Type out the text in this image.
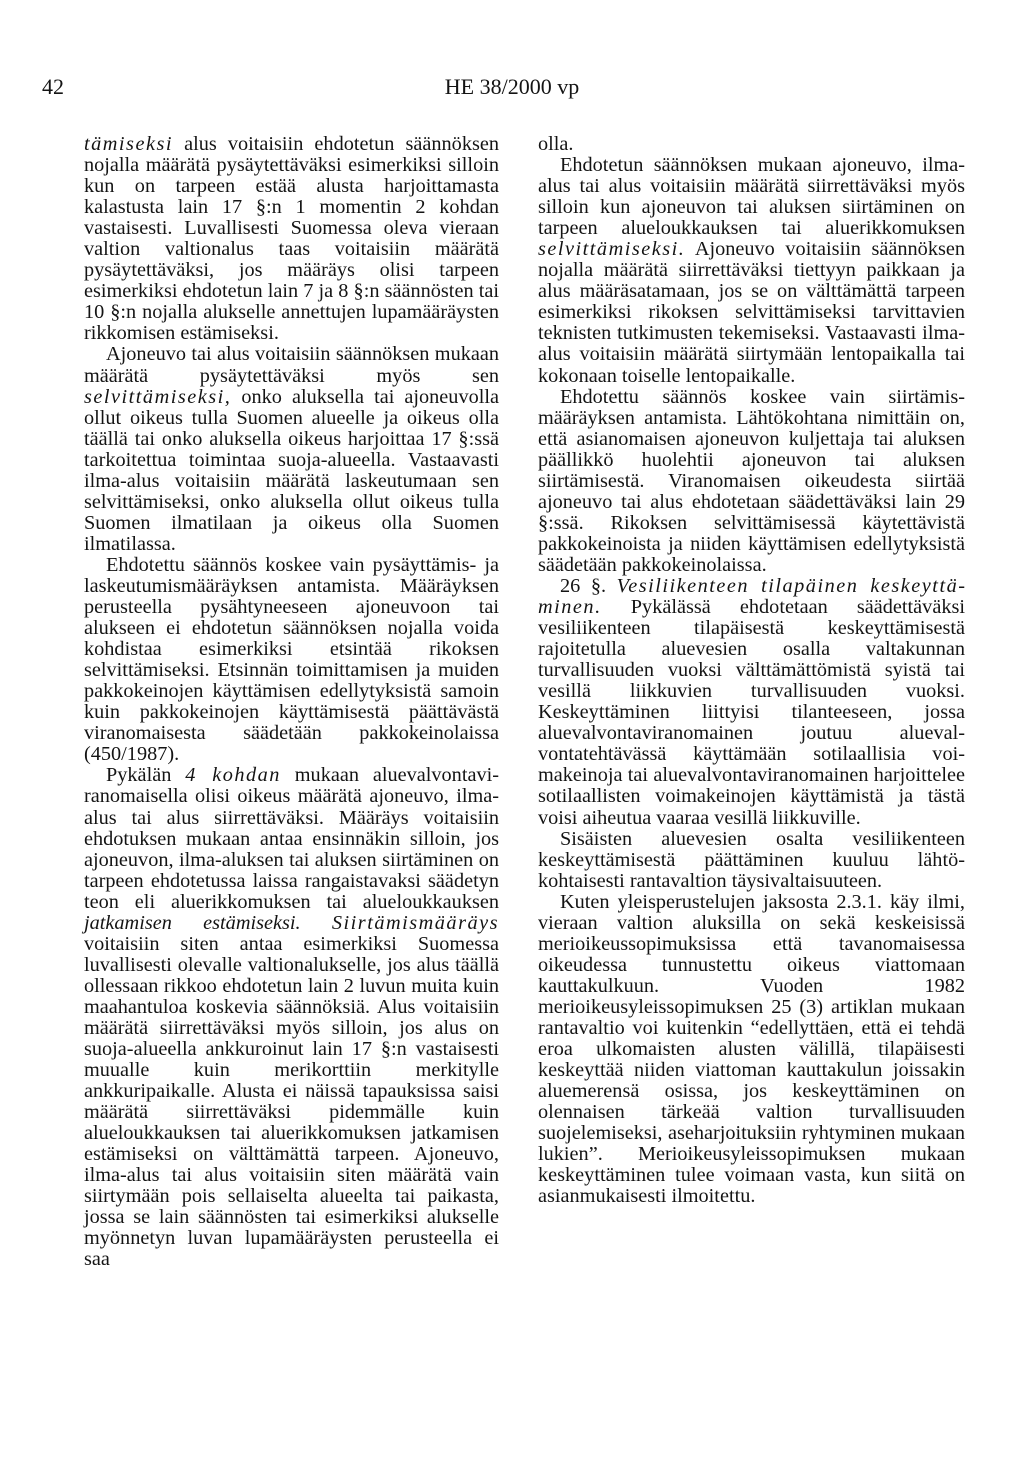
42	HE 38/2000 vp

tämiseksi alus voitaisiin ehdotetun säännöksen nojalla määrätä pysäytettäväksi esimerkiksi silloin kun on tarpeen estää alusta harjoittamasta kalastusta lain 17 §:n 1 momentin 2 kohdan vastaisesti. Luvallisesti Suomessa oleva vieraan valtion valtionalus taas voitaisiin määrätä pysäytettäväksi, jos määräys olisi tarpeen esimerkiksi ehdotetun lain 7 ja 8 §:n säännösten tai 10 §:n nojalla alukselle annettujen lupamääräysten rikkomisen estämiseksi.

Ajoneuvo tai alus voitaisiin säännöksen mukaan määrätä pysäytettäväksi myös sen selvittämiseksi, onko aluksella tai ajoneuvolla ollut oikeus tulla Suomen alueelle ja oikeus olla täällä tai onko aluksella oikeus harjoittaa 17 §:ssä tarkoitettua toimintaa suoja-alueella. Vastaavasti ilma-alus voitaisiin määrätä laskeutumaan sen selvittämiseksi, onko aluksella ollut oikeus tulla Suomen ilmatilaan ja oikeus olla Suomen ilmatilassa.

Ehdotettu säännös koskee vain pysäyttämis- ja laskeutumismääräyksen antamista. Määräyksen perusteella pysähtyneeseen ajoneuvoon tai alukseen ei ehdotetun säännöksen nojalla voida kohdistaa esimerkiksi etsintää rikoksen selvittämiseksi. Etsinnän toimittamisen ja muiden pakkokeinojen käyttämisen edellytyksistä samoin kuin pakkokeinojen käyttämisestä päättävästä viranomaisesta säädetään pakkokeinolaissa (450/1987).

Pykälän 4 kohdan mukaan aluevalvontaviranomaisella olisi oikeus määrätä ajoneuvo, ilma-alus tai alus siirrettäväksi. Määräys voitaisiin ehdotuksen mukaan antaa ensinnäkin silloin, jos ajoneuvon, ilma-aluksen tai aluksen siirtäminen on tarpeen ehdotetussa laissa rangaistavaksi säädetyn teon eli aluerikkomuksen tai alueloukkauksen jatkamisen estämiseksi. Siirtämismääräys voitaisiin siten antaa esimerkiksi Suomessa luvallisesti olevalle valtionalukselle, jos alus täällä ollessaan rikkoo ehdotetun lain 2 luvun muita kuin maahantuloa koskevia säännöksiä. Alus voitaisiin määrätä siirrettäväksi myös silloin, jos alus on suoja-alueella ankkuroinut lain 17 §:n vastaisesti muualle kuin merikorttiin merkitylle ankkuripaikalle. Alusta ei näissä tapauksissa saisi määrätä siirrettäväksi pidemmälle kuin alueloukkauksen tai aluerikkomuksen jatkamisen estämiseksi on välttämättä tarpeen. Ajoneuvo, ilma-alus tai alus voitaisiin siten määrätä vain siirtymään pois sellaiselta alueelta tai paikasta, jossa se lain säännösten tai esimerkiksi alukselle myönnetyn luvan lupamääräysten perusteella ei saa

olla.

Ehdotetun säännöksen mukaan ajoneuvo, ilma-alus tai alus voitaisiin määrätä siirrettäväksi myös silloin kun ajoneuvon tai aluksen siirtäminen on tarpeen alueloukkauksen tai aluerikkomuksen selvittämiseksi. Ajoneuvo voitaisiin säännöksen nojalla määrätä siirrettäväksi tiettyyn paikkaan ja alus määräsatamaan, jos se on välttämättä tarpeen esimerkiksi rikoksen selvittämiseksi tarvittavien teknisten tutkimusten tekemiseksi. Vastaavasti ilma-alus voitaisiin määrätä siirtymään lentopaikalla tai kokonaan toiselle lentopaikalle.

Ehdotettu säännös koskee vain siirtämismääräyksen antamista. Lähtökohtana nimittäin on, että asianomaisen ajoneuvon kuljettaja tai aluksen päällikkö huolehtii ajoneuvon tai aluksen siirtämisestä. Viranomaisen oikeudesta siirtää ajoneuvo tai alus ehdotetaan säädettäväksi lain 29 §:ssä. Rikoksen selvittämisessä käytettävistä pakkokeinoista ja niiden käyttämisen edellytyksistä säädetään pakkokeinolaissa.

26 §. Vesiliikenteen tilapäinen keskeyttäminen. Pykälässä ehdotetaan säädettäväksi vesiliikenteen tilapäisestä keskeyttämisestä rajoitetulla aluevesien osalla valtakunnan turvallisuuden vuoksi välttämättömistä syistä tai vesillä liikkuvien turvallisuuden vuoksi. Keskeyttäminen liittyisi tilanteeseen, jossa aluevalvontaviranomainen joutuu aluevalvontatehtävässä käyttämään sotilaallisia voimakeinoja tai aluevalvontaviranomainen harjoittelee sotilaallisten voimakeinojen käyttämistä ja tästä voisi aiheutua vaaraa vesillä liikkuville.

Sisäisten aluevesien osalta vesiliikenteen keskeyttämisestä päättäminen kuuluu lähtökohtaisesti rantavaltion täysivaltaisuuteen.

Kuten yleisperustelujen jaksosta 2.3.1. käy ilmi, vieraan valtion aluksilla on sekä keskeisissä merioikeussopimuksissa että tavanomaisessa oikeudessa tunnustettu oikeus viattomaan kauttakulkuun. Vuoden 1982 merioikeusyleissopimuksen 25 (3) artiklan mukaan rantavaltio voi kuitenkin “edellyttäen, että ei tehdä eroa ulkomaisten alusten välillä, tilapäisesti keskeyttää niiden viattoman kauttakulun joissakin aluemerensä osissa, jos keskeyttäminen on olennaisen tärkeää valtion turvallisuuden suojelemiseksi, aseharjoituksiin ryhtyminen mukaan lukien”. Merioikeusyleissopimuksen mukaan keskeyttäminen tulee voimaan vasta, kun siitä on asianmukaisesti ilmoitettu.
